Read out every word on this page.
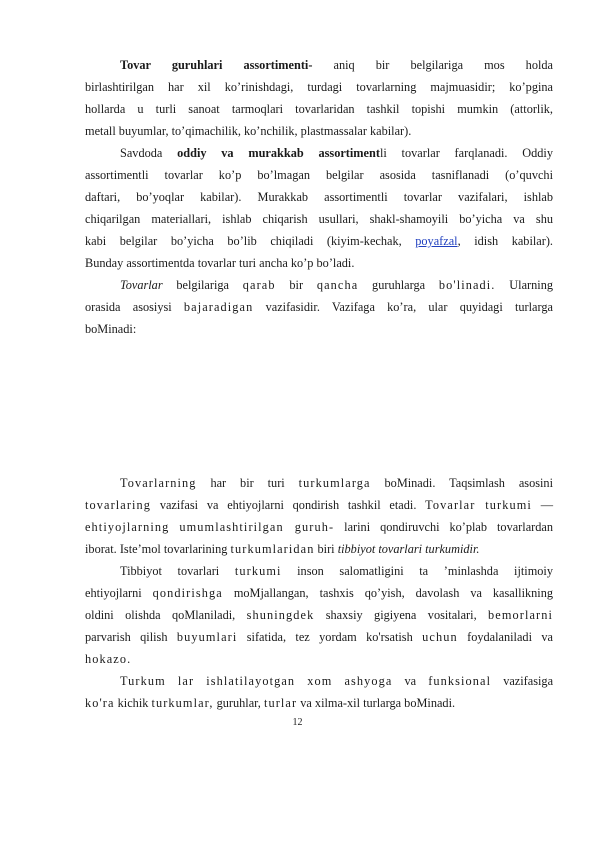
Tovar guruhlari assortimenti- aniq bir belgilariga mos holda
birlashtirilgan har xil ko’rinishdagi, turdagi tovarlarning majmuasidir; ko’pgina
hollarda u turli sanoat tarmoqlari tovarlaridan tashkil topishi mumkin (attorlik,
metall buyumlar, to’qimachilik, ko’nchilik, plastmassalar kabilar).
Savdoda oddiy va murakkab assortimentli tovarlar farqlanadi. Oddiy
assortimentli tovarlar ko’p bo’lmagan belgilar asosida tasniflanadi (o’quvchi
daftari, bo’yoqlar kabilar). Murakkab assortimentli tovarlar vazifalari, ishlab
chiqarilgan materiallari, ishlab chiqarish usullari, shakl-shamoyili bo’yicha va shu
kabi belgilar bo’yicha bo’lib chiqiladi (kiyim-kechak, poyafzal, idish kabilar).
Bunday assortimentda tovarlar turi ancha ko’p bo’ladi.
Tovarlar belgilariga qarab bir qancha guruhlarga bo'linadi. Ularning
orasida asosiysi bajaradigan vazifasidir. Vazifaga ko’ra, ular quyidagi turlarga
boMinadi:
Tovarlarning har bir turi turkumlarga boMinadi. Taqsimlash asosini
tovarlaring vazifasi va ehtiyojlarni qondirish tashkil etadi. Tovarlar turkumi —
ehtiyojlarning umumlashtirilgan guruh- larini qondiruvchi ko’plab tovarlardan
iborat. Iste’mol tovarlarining turkumlaridan biri tibbiyot tovarlari turkumidir.
Tibbiyot tovarlari turkumi inson salomatligini ta ’minlashda ijtimoiy
ehtiyojlarni qondirishga moMjallangan, tashxis qo’yish, davolash va kasallikning
oldini olishda qoMlaniladi, shuningdek shaxsiy gigiyena vositalari, bemorlarni
parvarish qilish buyumlari sifatida, tez yordam ko'rsatish uchun foydalaniladi va
hokazo.
Turkum lar ishlatilayotgan xom ashyoga va funksional vazifasiga
ko'ra kichik turkumlar, guruhlar, turlar va xilma-xil turlarga boMinadi.
12
